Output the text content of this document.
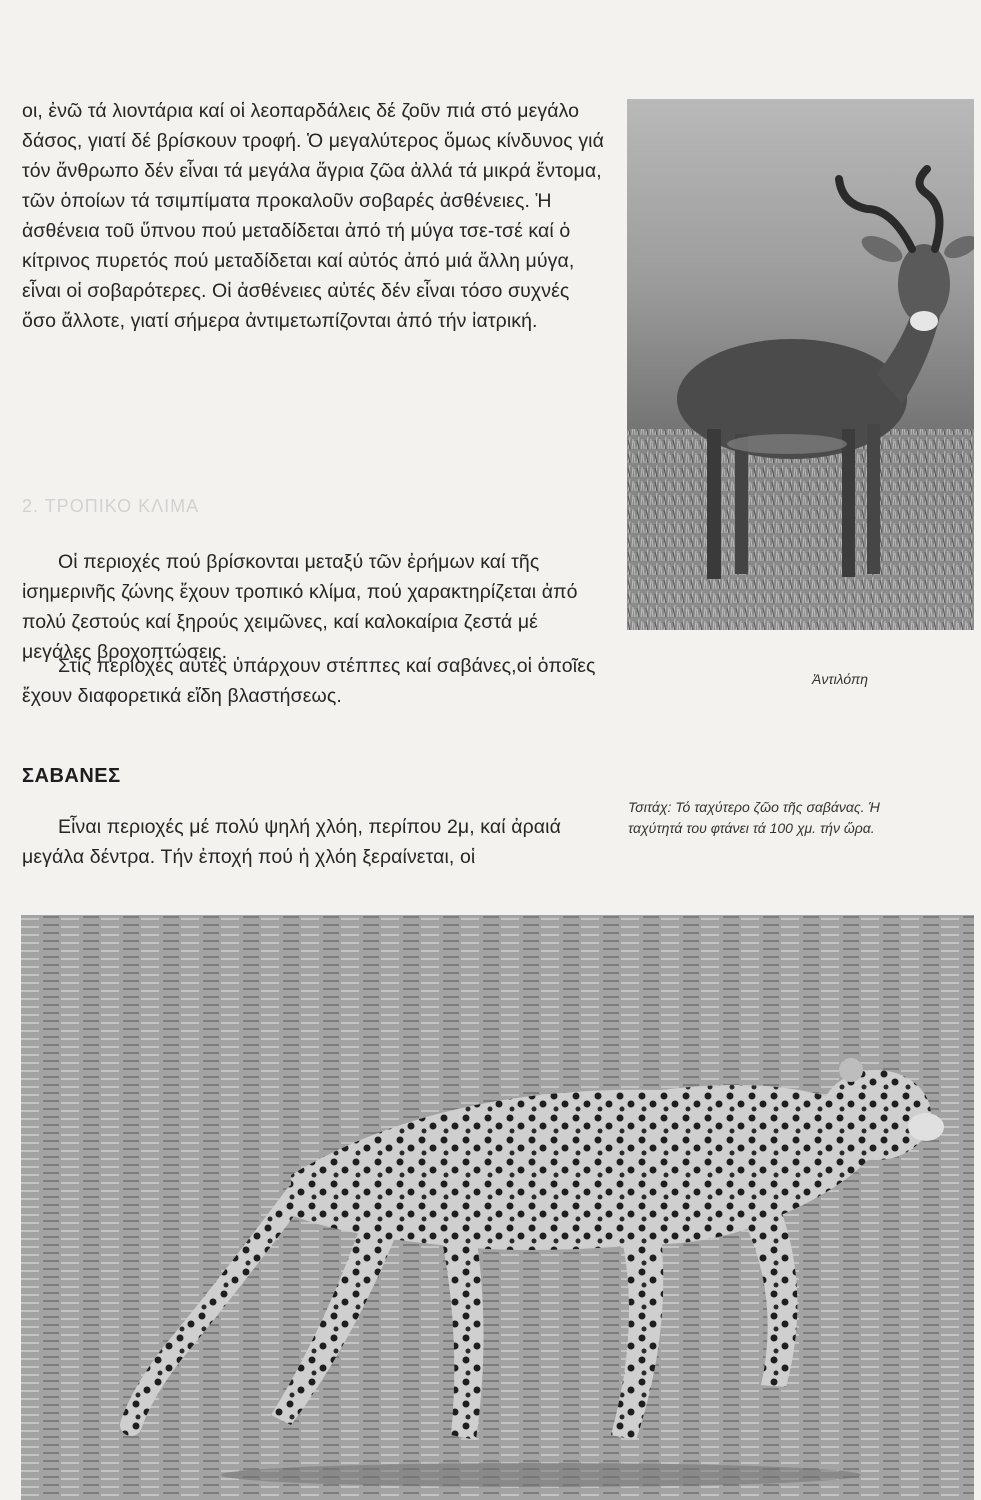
οι, ἐνῶ τά λιοντάρια καί οἱ λεοπαρδάλεις δέ ζοῦν πιά στό μεγάλο δάσος, γιατί δέ βρίσκουν τροφή. Ὁ μεγαλύτερος ὅμως κίνδυνος γιά τόν ἄνθρωπο δέν εἶναι τά μεγάλα ἄγρια ζῶα ἀλλά τά μικρά ἔντομα, τῶν ὁποίων τά τσιμπίματα προκαλοῦν σοβαρές ἀσθένειες. Ἡ ἀσθένεια τοῦ ὕπνου πού μεταδίδεται ἀπό τή μύγα τσε-τσέ καί ὁ κίτρινος πυρετός πού μεταδίδεται καί αὐτός ἀπό μιά ἄλλη μύγα, εἶναι οἱ σοβαρότερες. Οἱ ἀσθένειες αὐτές δέν εἶναι τόσο συχνές ὅσο ἄλλοτε, γιατί σήμερα ἀντιμετωπίζονται ἀπό τήν ἰατρική.

2. ΤΡΟΠΙΚΟ ΚΛΙΜΑ

Οἱ περιοχές πού βρίσκονται μεταξύ τῶν ἐρήμων καί τῆς ἰσημερινῆς ζώνης ἔχουν τροπικό κλίμα, πού χαρακτηρίζεται ἀπό πολύ ζεστούς καί ξηρούς χειμῶνες, καί καλοκαίρια ζεστά μέ μεγάλες βροχοπτώσεις.

Στίς περιοχές αὐτές ὑπάρχουν στέππες καί σαβάνες,οἱ ὁποῖες ἔχουν διαφορετικά εἴδη βλαστήσεως.

ΣΑΒΑΝΕΣ

Εἶναι περιοχές μέ πολύ ψηλή χλόη, περίπου 2μ, καί ἀραιά μεγάλα δέντρα. Τήν ἐποχή πού ἡ χλόη ξεραίνεται, οἱ

Ἀντιλόπη
Τσιτάχ: Τό ταχύτερο ζῶο τῆς σαβάνας. Ἡ ταχύτητά του φτάνει τά 100 χμ. τήν ὥρα.
